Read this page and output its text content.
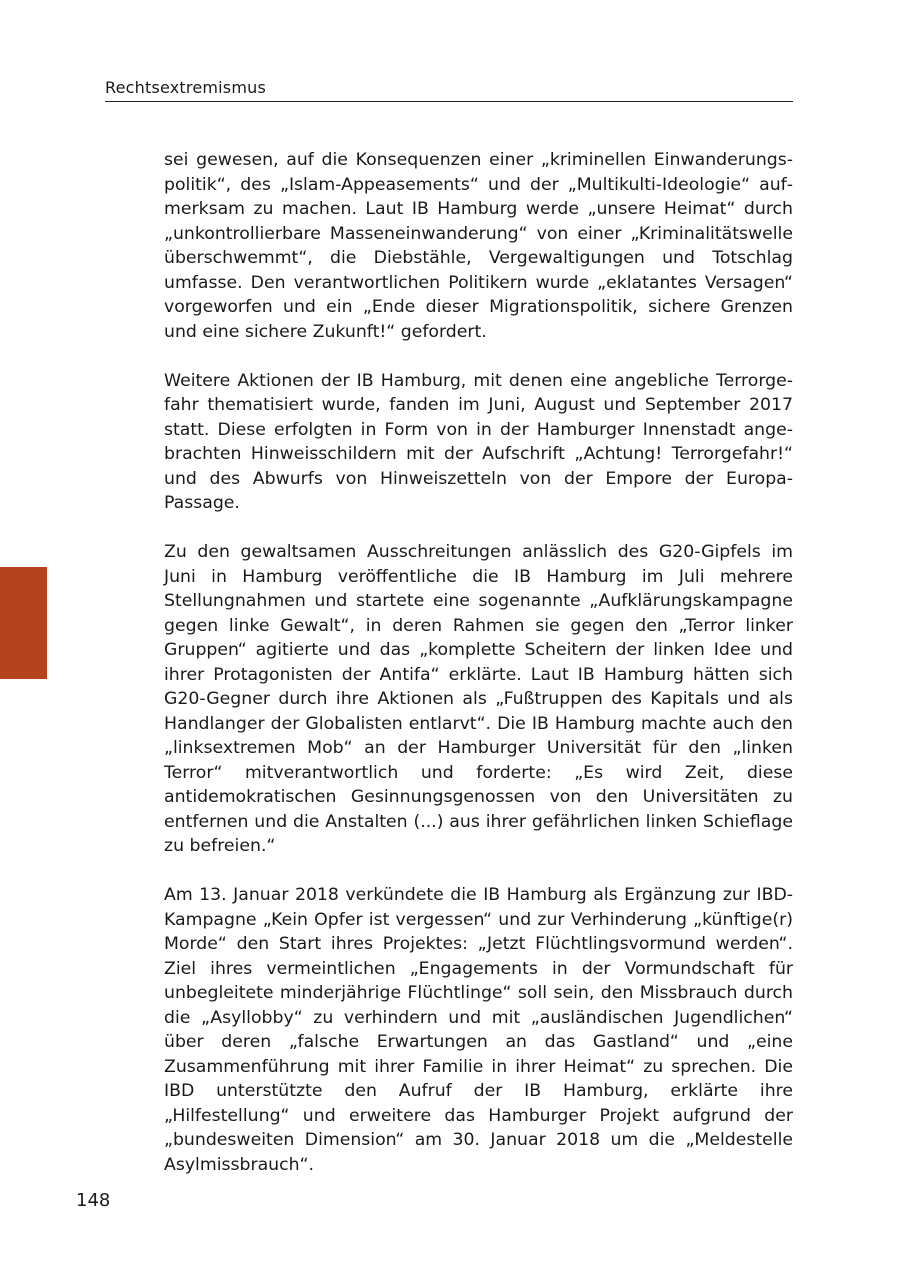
Rechtsextremismus

sei gewesen, auf die Konsequenzen einer „kriminellen Einwanderungspolitik“, des „Islam-Appeasements“ und der „Multikulti-Ideologie“ aufmerksam zu machen. Laut IB Hamburg werde „unsere Heimat“ durch „unkontrollierbare Masseneinwanderung“ von einer „Kriminalitätswelle überschwemmt“, die Diebstähle, Vergewaltigungen und Totschlag umfasse. Den verantwortlichen Politikern wurde „eklatantes Versagen“ vorgeworfen und ein „Ende dieser Migrationspolitik, sichere Grenzen und eine sichere Zukunft!“ gefordert.

Weitere Aktionen der IB Hamburg, mit denen eine angebliche Terrorgefahr thematisiert wurde, fanden im Juni, August und September 2017 statt. Diese erfolgten in Form von in der Hamburger Innenstadt angebrachten Hinweisschildern mit der Aufschrift „Achtung! Terrorgefahr!“ und des Abwurfs von Hinweiszetteln von der Empore der Europa-Passage.

Zu den gewaltsamen Ausschreitungen anlässlich des G20-Gipfels im Juni in Hamburg veröffentliche die IB Hamburg im Juli mehrere Stellungnahmen und startete eine sogenannte „Aufklärungskampagne gegen linke Gewalt“, in deren Rahmen sie gegen den „Terror linker Gruppen“ agitierte und das „komplette Scheitern der linken Idee und ihrer Protagonisten der Antifa“ erklärte. Laut IB Hamburg hätten sich G20-Gegner durch ihre Aktionen als „Fußtruppen des Kapitals und als Handlanger der Globalisten entlarvt“. Die IB Hamburg machte auch den „linksextremen Mob“ an der Hamburger Universität für den „linken Terror“ mitverantwortlich und forderte: „Es wird Zeit, diese antidemokratischen Gesinnungsgenossen von den Universitäten zu entfernen und die Anstalten (...) aus ihrer gefährlichen linken Schieflage zu befreien.“

Am 13. Januar 2018 verkündete die IB Hamburg als Ergänzung zur IBD-Kampagne „Kein Opfer ist vergessen“ und zur Verhinderung „künftige(r) Morde“ den Start ihres Projektes: „Jetzt Flüchtlingsvormund werden“. Ziel ihres vermeintlichen „Engagements in der Vormundschaft für unbegleitete minderjährige Flüchtlinge“ soll sein, den Missbrauch durch die „Asyllobby“ zu verhindern und mit „ausländischen Jugendlichen“ über deren „falsche Erwartungen an das Gastland“ und „eine Zusammenführung mit ihrer Familie in ihrer Heimat“ zu sprechen. Die IBD unterstützte den Aufruf der IB Hamburg, erklärte ihre „Hilfestellung“ und erweitere das Hamburger Projekt aufgrund der „bundesweiten Dimension“ am 30. Januar 2018 um die „Meldestelle Asylmissbrauch“.

148
